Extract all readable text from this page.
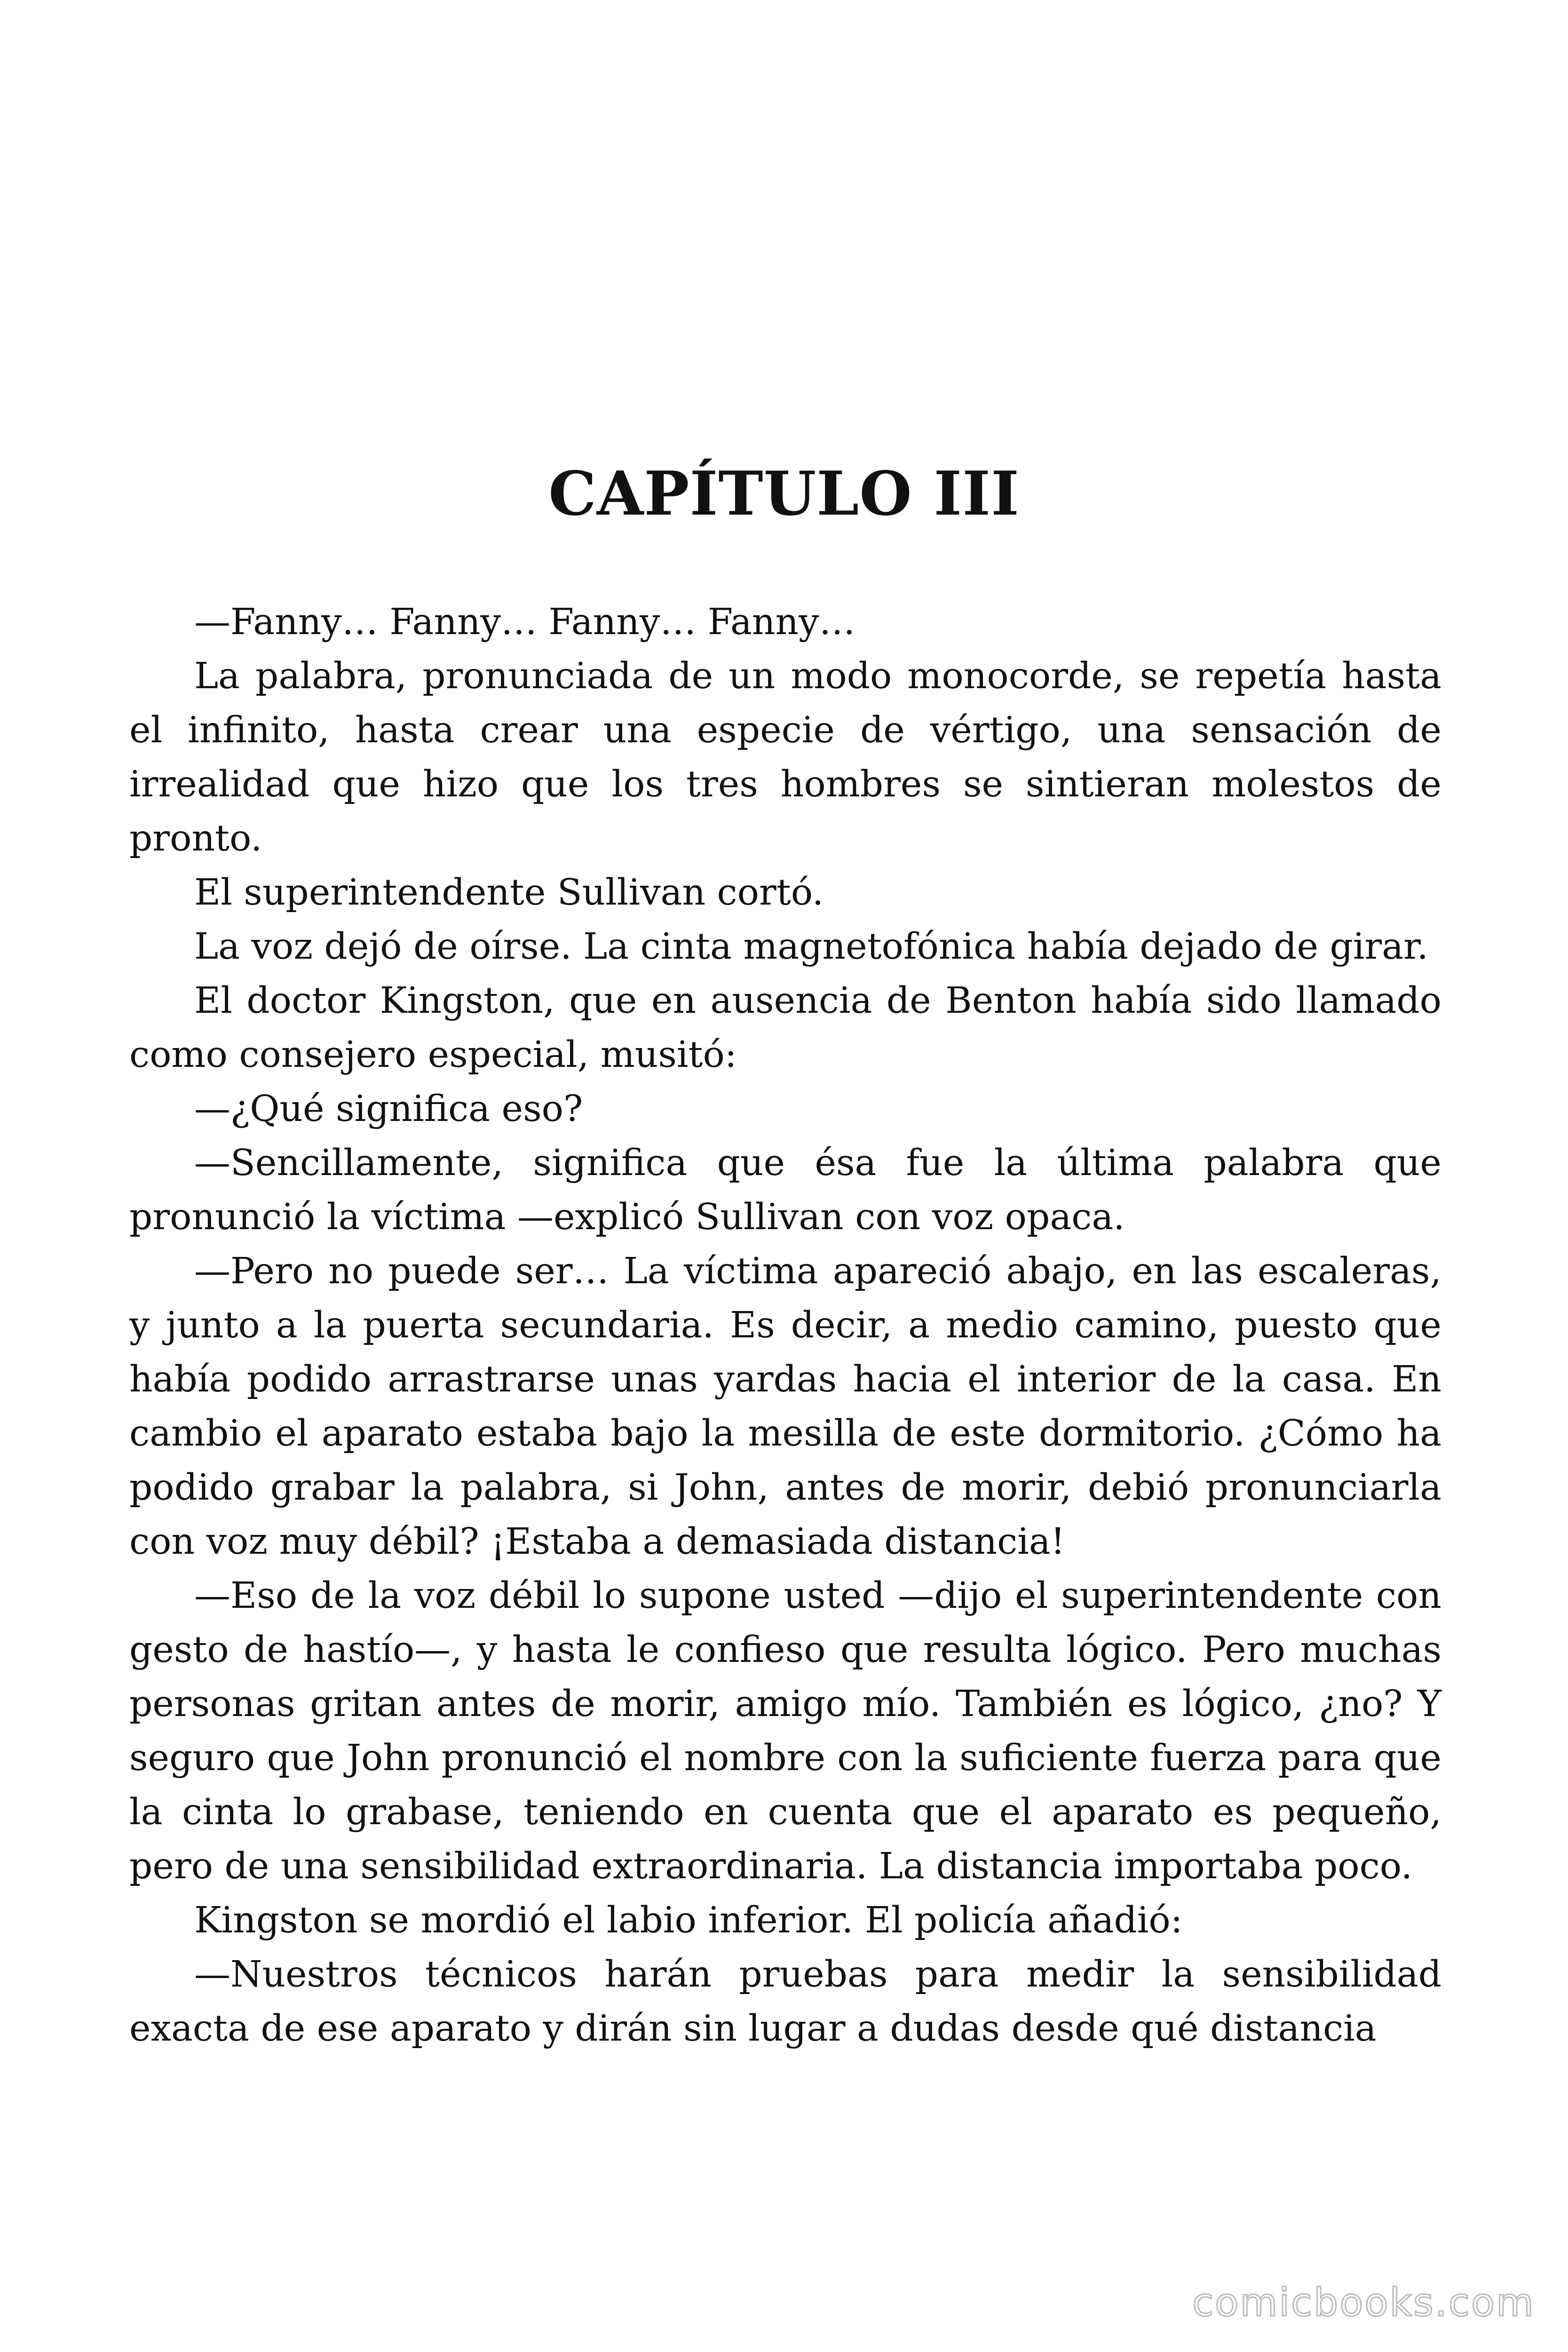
CAPÍTULO III

—Fanny… Fanny… Fanny… Fanny…

La palabra, pronunciada de un modo monocorde, se repetía hasta el infinito, hasta crear una especie de vértigo, una sensación de irrealidad que hizo que los tres hombres se sintieran molestos de pronto.

El superintendente Sullivan cortó.

La voz dejó de oírse. La cinta magnetofónica había dejado de girar.

El doctor Kingston, que en ausencia de Benton había sido llamado como consejero especial, musitó:

—¿Qué significa eso?

—Sencillamente, significa que ésa fue la última palabra que pronunció la víctima —explicó Sullivan con voz opaca.

—Pero no puede ser… La víctima apareció abajo, en las escaleras, y junto a la puerta secundaria. Es decir, a medio camino, puesto que había podido arrastrarse unas yardas hacia el interior de la casa. En cambio el aparato estaba bajo la mesilla de este dormitorio. ¿Cómo ha podido grabar la palabra, si John, antes de morir, debió pronunciarla con voz muy débil? ¡Estaba a demasiada distancia!

—Eso de la voz débil lo supone usted —dijo el superintendente con gesto de hastío—, y hasta le confieso que resulta lógico. Pero muchas personas gritan antes de morir, amigo mío. También es lógico, ¿no? Y seguro que John pronunció el nombre con la suficiente fuerza para que la cinta lo grabase, teniendo en cuenta que el aparato es pequeño, pero de una sensibilidad extraordinaria. La distancia importaba poco.

Kingston se mordió el labio inferior. El policía añadió:

—Nuestros técnicos harán pruebas para medir la sensibilidad exacta de ese aparato y dirán sin lugar a dudas desde qué distancia

comicbooks.com
